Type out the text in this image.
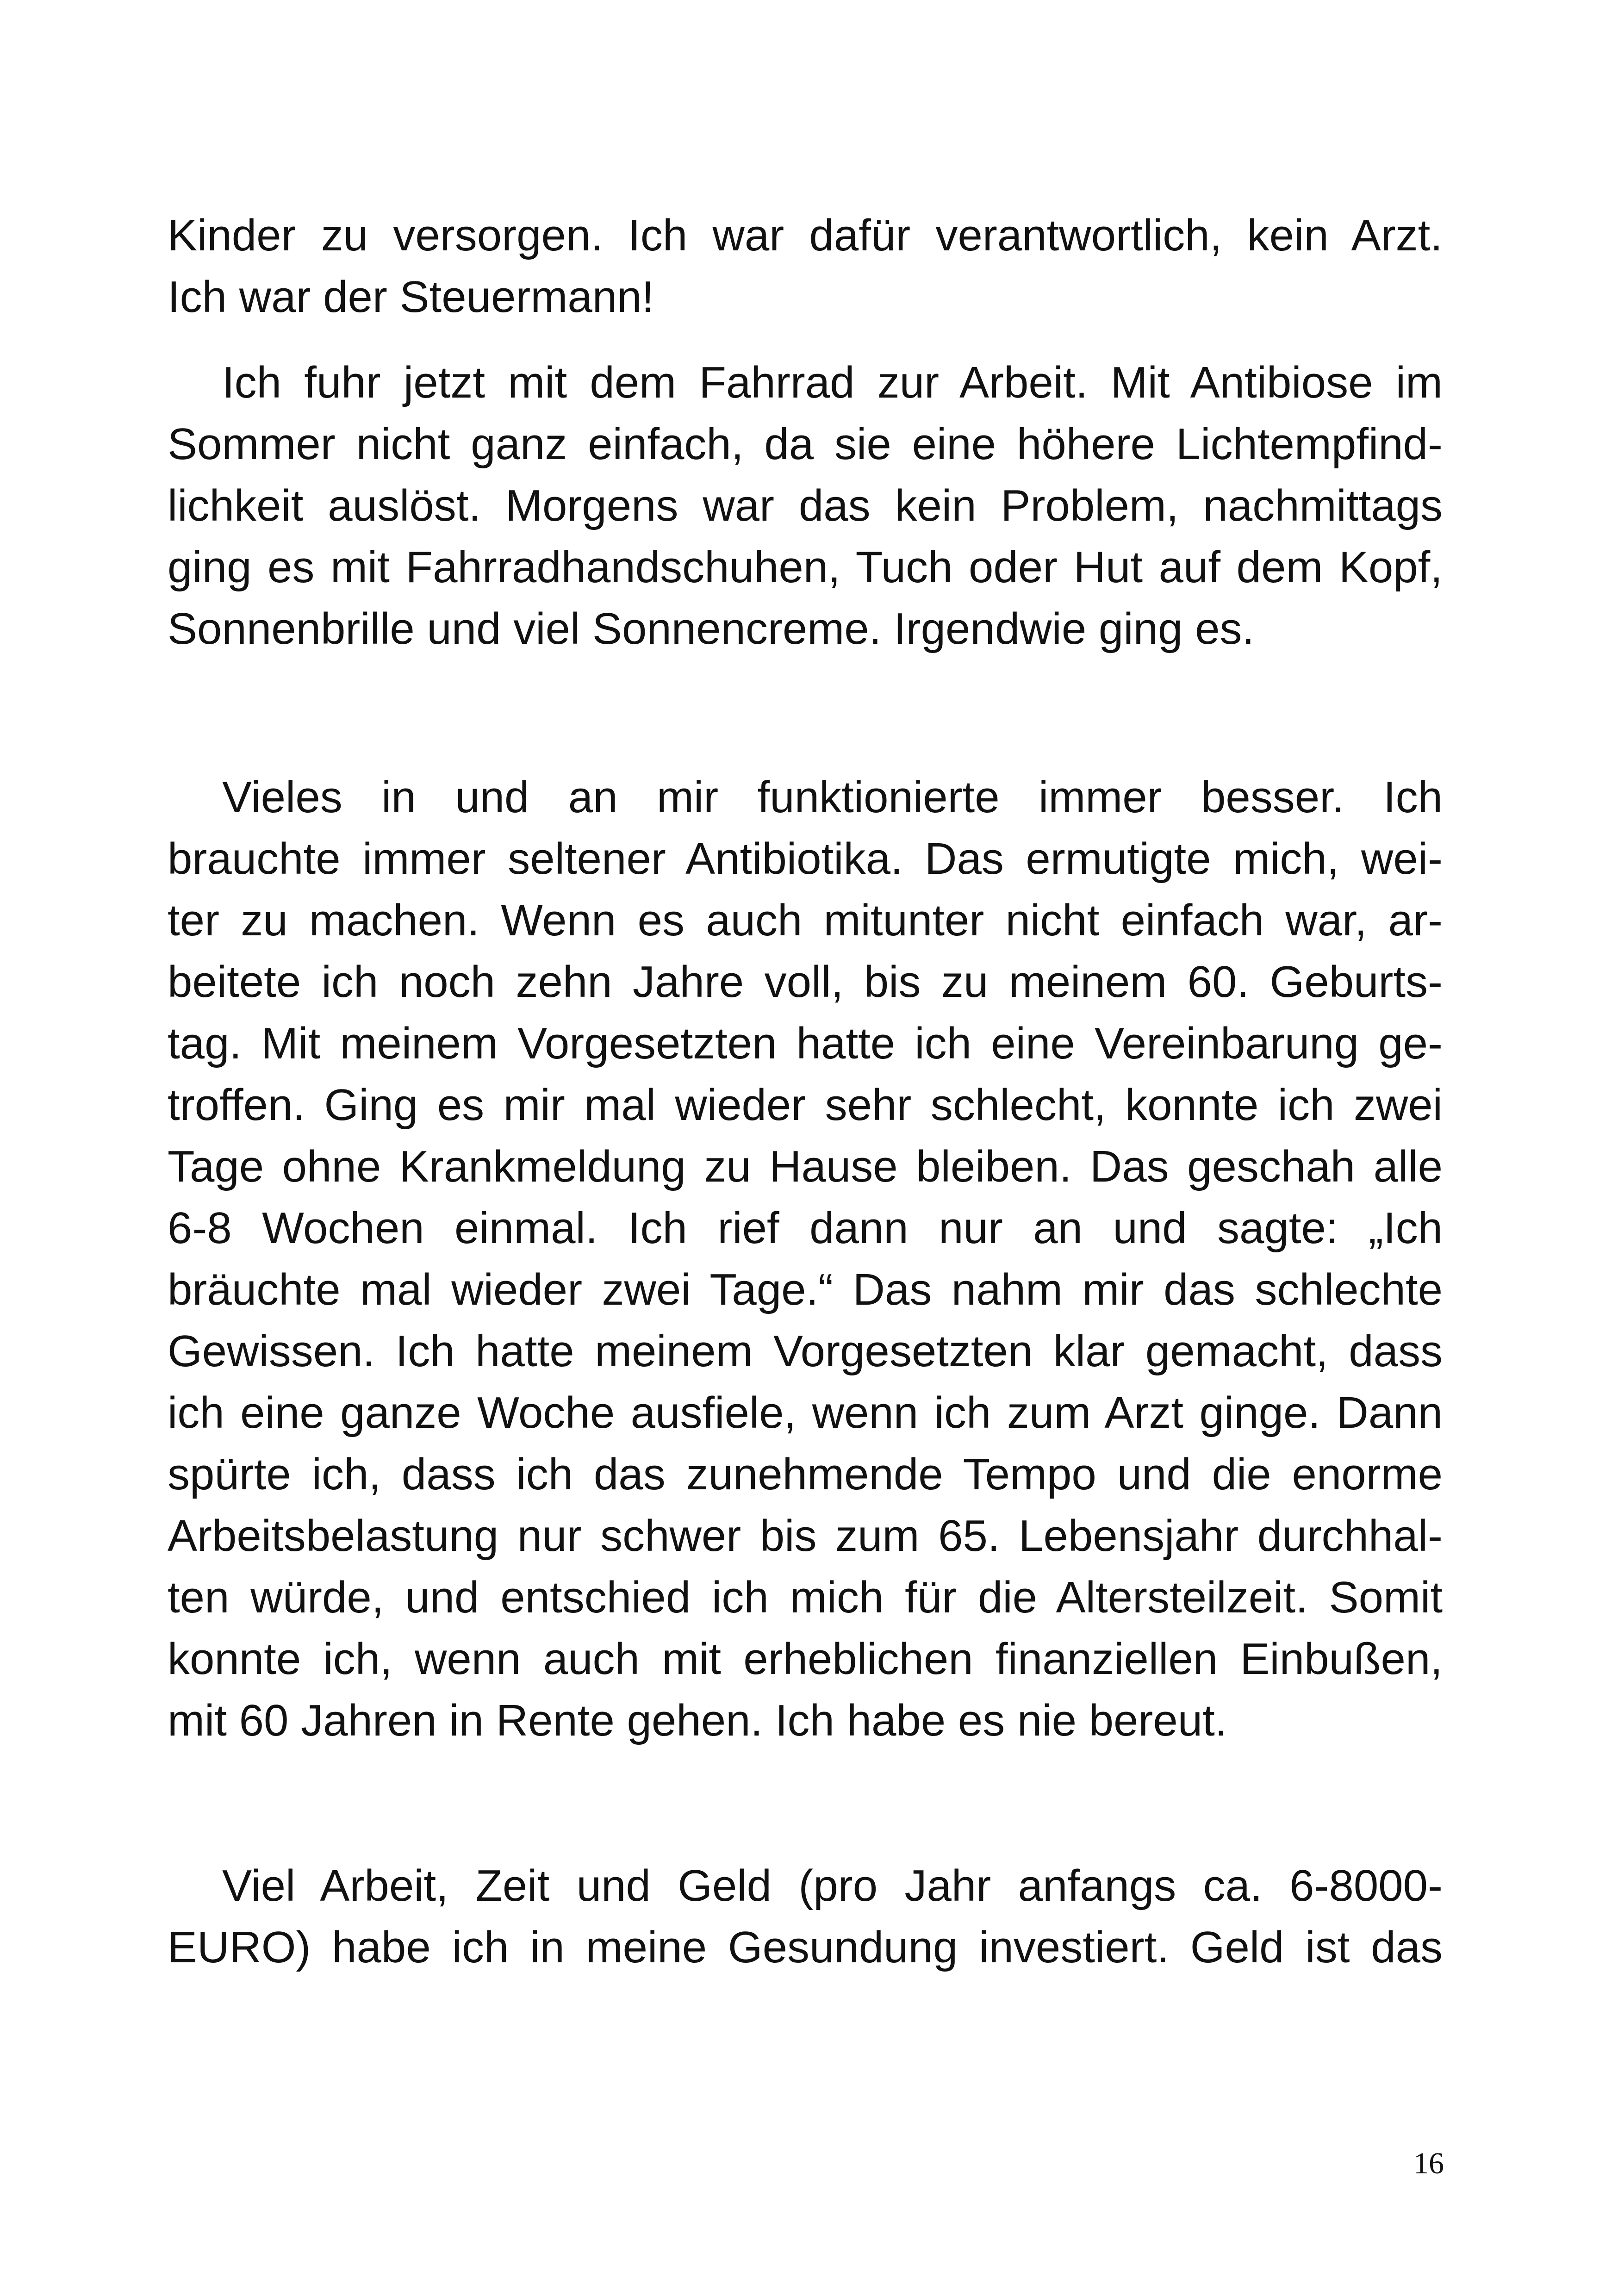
Kinder zu versorgen. Ich war dafür verantwortlich, kein Arzt.
Ich war der Steuermann!
Ich fuhr jetzt mit dem Fahrrad zur Arbeit. Mit Antibiose im
Sommer nicht ganz einfach, da sie eine höhere Lichtempfind-
lichkeit auslöst. Morgens war das kein Problem, nachmittags
ging es mit Fahrradhandschuhen, Tuch oder Hut auf dem Kopf,
Sonnenbrille und viel Sonnencreme. Irgendwie ging es.
Vieles in und an mir funktionierte immer besser. Ich
brauchte immer seltener Antibiotika. Das ermutigte mich, wei-
ter zu machen. Wenn es auch mitunter nicht einfach war, ar-
beitete ich noch zehn Jahre voll, bis zu meinem 60. Geburts-
tag. Mit meinem Vorgesetzten hatte ich eine Vereinbarung ge-
troffen. Ging es mir mal wieder sehr schlecht, konnte ich zwei
Tage ohne Krankmeldung zu Hause bleiben. Das geschah alle
6-8 Wochen einmal. Ich rief dann nur an und sagte: „Ich
bräuchte mal wieder zwei Tage.“ Das nahm mir das schlechte
Gewissen. Ich hatte meinem Vorgesetzten klar gemacht, dass
ich eine ganze Woche ausfiele, wenn ich zum Arzt ginge. Dann
spürte ich, dass ich das zunehmende Tempo und die enorme
Arbeitsbelastung nur schwer bis zum 65. Lebensjahr durchhal-
ten würde, und entschied ich mich für die Altersteilzeit. Somit
konnte ich, wenn auch mit erheblichen finanziellen Einbußen,
mit 60 Jahren in Rente gehen. Ich habe es nie bereut.
Viel Arbeit, Zeit und Geld (pro Jahr anfangs ca. 6-8000-
EURO) habe ich in meine Gesundung investiert. Geld ist das
16
